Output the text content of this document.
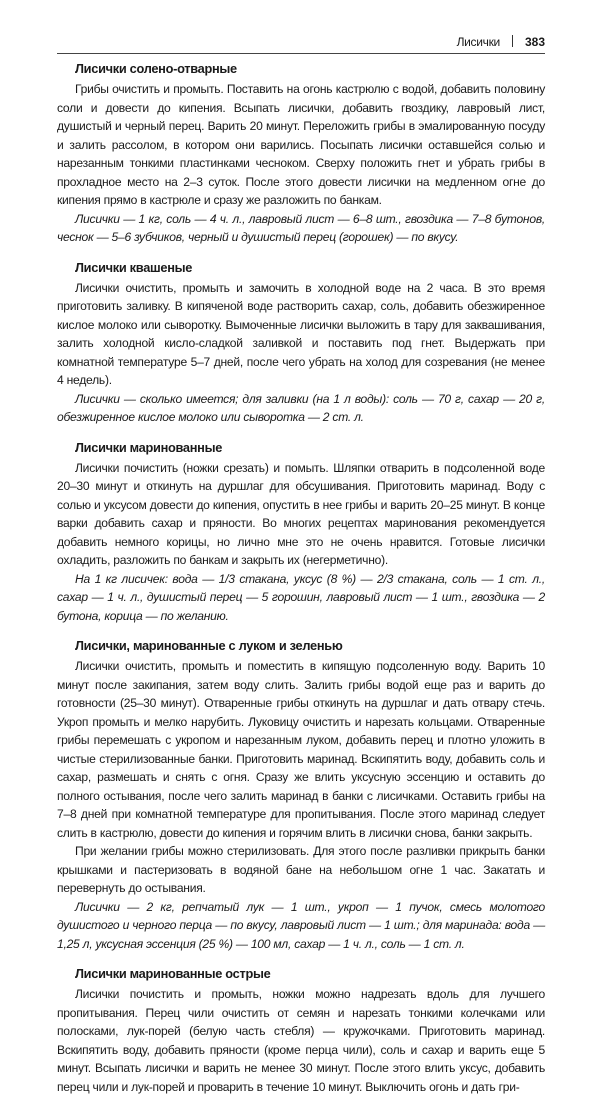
Лисички 383
Лисички солено-отварные

Грибы очистить и промыть. Поставить на огонь кастрюлю с водой, добавить половину соли и довести до кипения. Всыпать лисички, добавить гвоздику, лавровый лист, душистый и черный перец. Варить 20 минут. Переложить грибы в эмалированную посуду и залить рассолом, в котором они варились. Посыпать лисички оставшейся солью и нарезанным тонкими пластинками чесноком. Сверху положить гнет и убрать грибы в прохладное место на 2–3 суток. После этого довести лисички на медленном огне до кипения прямо в кастрюле и сразу же разложить по банкам.

Лисички — 1 кг, соль — 4 ч. л., лавровый лист — 6–8 шт., гвоздика — 7–8 бутонов, чеснок — 5–6 зубчиков, черный и душистый перец (горошек) — по вкусу.

Лисички квашеные

Лисички очистить, промыть и замочить в холодной воде на 2 часа. В это время приготовить заливку. В кипяченой воде растворить сахар, соль, добавить обезжиренное кислое молоко или сыворотку. Вымоченные лисички выложить в тару для заквашивания, залить холодной кисло-сладкой заливкой и поставить под гнет. Выдержать при комнатной температуре 5–7 дней, после чего убрать на холод для созревания (не менее 4 недель).

Лисички — сколько имеется; для заливки (на 1 л воды): соль — 70 г, сахар — 20 г, обезжиренное кислое молоко или сыворотка — 2 ст. л.

Лисички маринованные

Лисички почистить (ножки срезать) и помыть. Шляпки отварить в подсоленной воде 20–30 минут и откинуть на дуршлаг для обсушивания. Приготовить маринад. Воду с солью и уксусом довести до кипения, опустить в нее грибы и варить 20–25 минут. В конце варки добавить сахар и пряности. Во многих рецептах маринования рекомендуется добавить немного корицы, но лично мне это не очень нравится. Готовые лисички охладить, разложить по банкам и закрыть их (негерметично).

На 1 кг лисичек: вода — 1/3 стакана, уксус (8 %) — 2/3 стакана, соль — 1 ст. л., сахар — 1 ч. л., душистый перец — 5 горошин, лавровый лист — 1 шт., гвоздика — 2 бутона, корица — по желанию.

Лисички, маринованные с луком и зеленью

Лисички очистить, промыть и поместить в кипящую подсоленную воду. Варить 10 минут после закипания, затем воду слить. Залить грибы водой еще раз и варить до готовности (25–30 минут). Отваренные грибы откинуть на дуршлаг и дать отвару стечь. Укроп промыть и мелко нарубить. Луковицу очистить и нарезать кольцами. Отваренные грибы перемешать с укропом и нарезанным луком, добавить перец и плотно уложить в чистые стерилизованные банки. Приготовить маринад. Вскипятить воду, добавить соль и сахар, размешать и снять с огня. Сразу же влить уксусную эссенцию и оставить до полного остывания, после чего залить маринад в банки с лисичками. Оставить грибы на 7–8 дней при комнатной температуре для пропитывания. После этого маринад следует слить в кастрюлю, довести до кипения и горячим влить в лисички снова, банки закрыть.

При желании грибы можно стерилизовать. Для этого после разливки прикрыть банки крышками и пастеризовать в водяной бане на небольшом огне 1 час. Закатать и перевернуть до остывания.

Лисички — 2 кг, репчатый лук — 1 шт., укроп — 1 пучок, смесь молотого душистого и черного перца — по вкусу, лавровый лист — 1 шт.; для маринада: вода — 1,25 л, уксусная эссенция (25 %) — 100 мл, сахар — 1 ч. л., соль — 1 ст. л.

Лисички маринованные острые

Лисички почистить и промыть, ножки можно надрезать вдоль для лучшего пропитывания. Перец чили очистить от семян и нарезать тонкими колечками или полосками, лук-порей (белую часть стебля) — кружочками. Приготовить маринад. Вскипятить воду, добавить пряности (кроме перца чили), соль и сахар и варить еще 5 минут. Всыпать лисички и варить не менее 30 минут. После этого влить уксус, добавить перец чили и лук-порей и проварить в течение 10 минут. Выключить огонь и дать гри-
